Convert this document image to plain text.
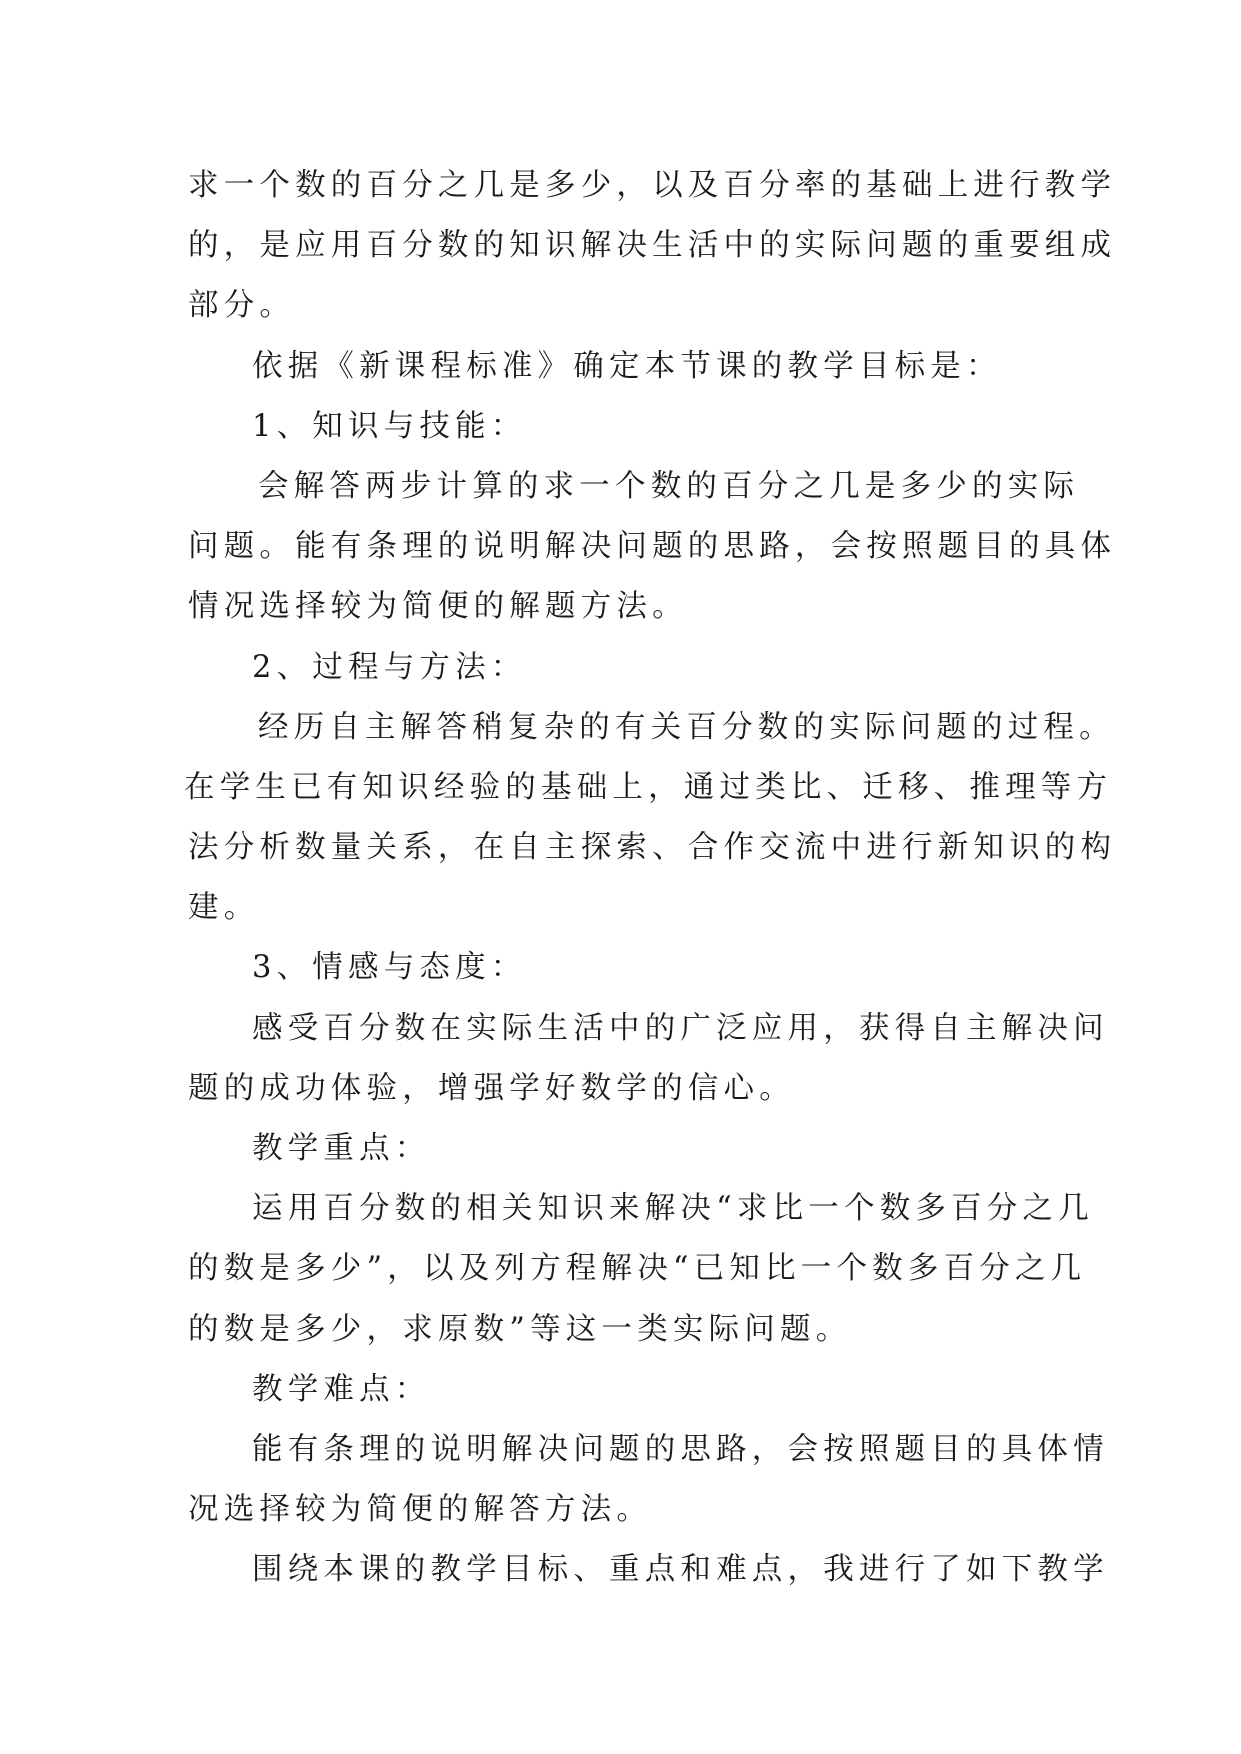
求一个数的百分之几是多少，以及百分率的基础上进行教学
的，是应用百分数的知识解决生活中的实际问题的重要组成
部分。
依据《新课程标准》确定本节课的教学目标是：
1、知识与技能：
会解答两步计算的求一个数的百分之几是多少的实际
问题。能有条理的说明解决问题的思路，会按照题目的具体
情况选择较为简便的解题方法。
2、过程与方法：
经历自主解答稍复杂的有关百分数的实际问题的过程。
在学生已有知识经验的基础上，通过类比、迁移、推理等方
法分析数量关系，在自主探索、合作交流中进行新知识的构
建。
3、情感与态度：
感受百分数在实际生活中的广泛应用，获得自主解决问
题的成功体验，增强学好数学的信心。
教学重点：
运用百分数的相关知识来解决“求比一个数多百分之几
的数是多少”，以及列方程解决“已知比一个数多百分之几
的数是多少，求原数”等这一类实际问题。
教学难点：
能有条理的说明解决问题的思路，会按照题目的具体情
况选择较为简便的解答方法。
围绕本课的教学目标、重点和难点，我进行了如下教学
